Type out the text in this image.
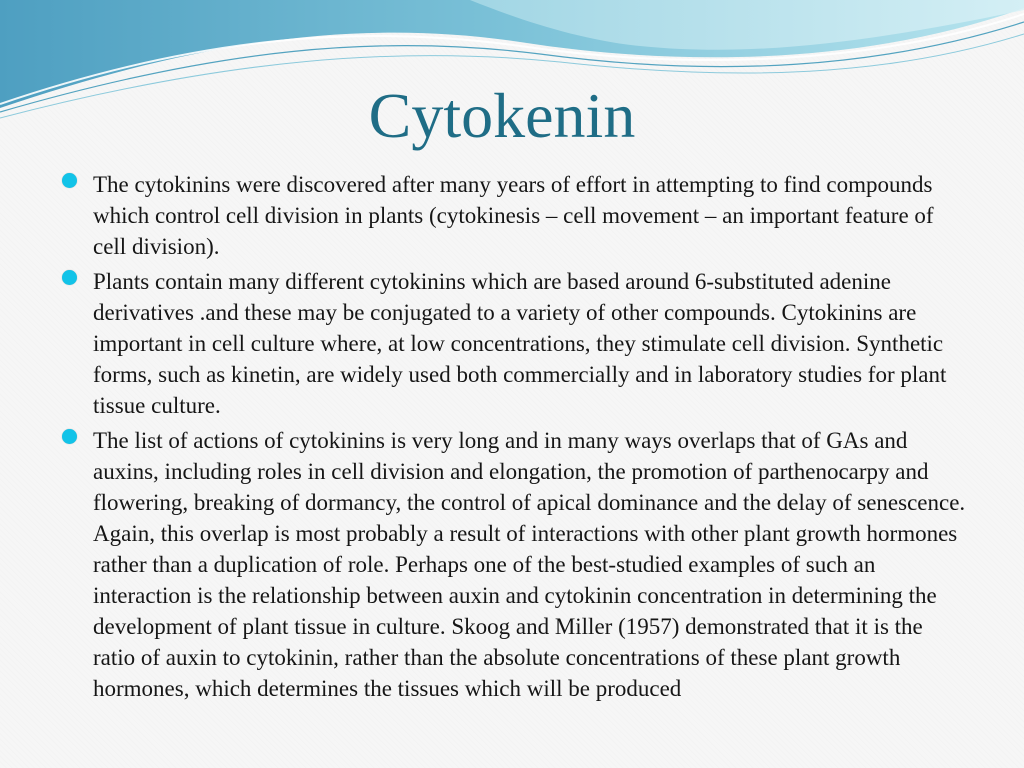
Cytokenin
The cytokinins were discovered after many years of effort in attempting to find compounds which control cell division in plants (cytokinesis – cell movement – an important feature of cell division).
Plants contain many different cytokinins which are based around 6-substituted adenine derivatives .and these may be conjugated to a variety of other compounds. Cytokinins are important in cell culture where, at low concentrations, they stimulate cell division. Synthetic forms, such as kinetin, are widely used both commercially and in laboratory studies for plant tissue culture.
The list of actions of cytokinins is very long and in many ways overlaps that of GAs and auxins, including roles in cell division and elongation, the promotion of parthenocarpy and flowering, breaking of dormancy, the control of apical dominance and the delay of senescence. Again, this overlap is most probably a result of interactions with other plant growth hormones rather than a duplication of role. Perhaps one of the best-studied examples of such an interaction is the relationship between auxin and cytokinin concentration in determining the development of plant tissue in culture. Skoog and Miller (1957) demonstrated that it is the ratio of auxin to cytokinin, rather than the absolute concentrations of these plant growth hormones, which determines the tissues which will be produced
